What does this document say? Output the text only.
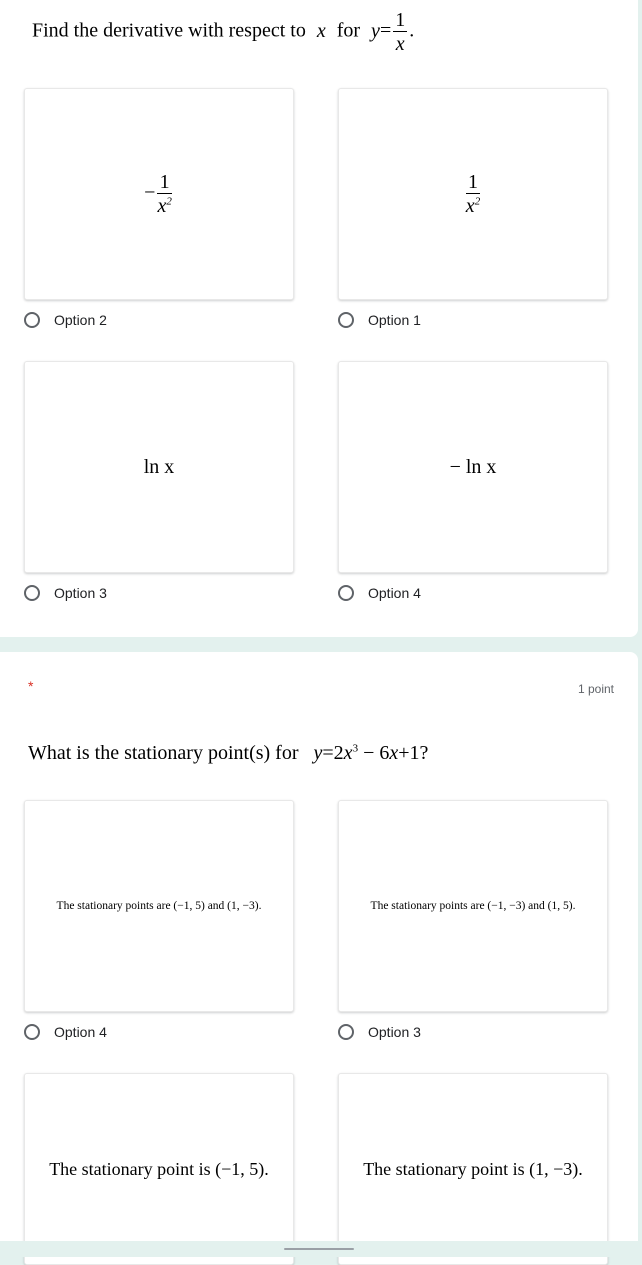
Find the derivative with respect to x for $y= \frac{1}{x}$ .
− $\frac{1}{x^2}$	$\frac{1}{x^2}$
Option 2	Option 1
ln x	− ln x
Option 3	Option 4
*	1 point
What is the stationary point(s) for $y=2x^3 - 6x+1$?
The stationary points are (−1, 5) and (1, −3).	The stationary points are (−1, −3) and (1, 5).
Option 4	Option 3
The stationary point is (−1, 5).	The stationary point is (1, −3).
